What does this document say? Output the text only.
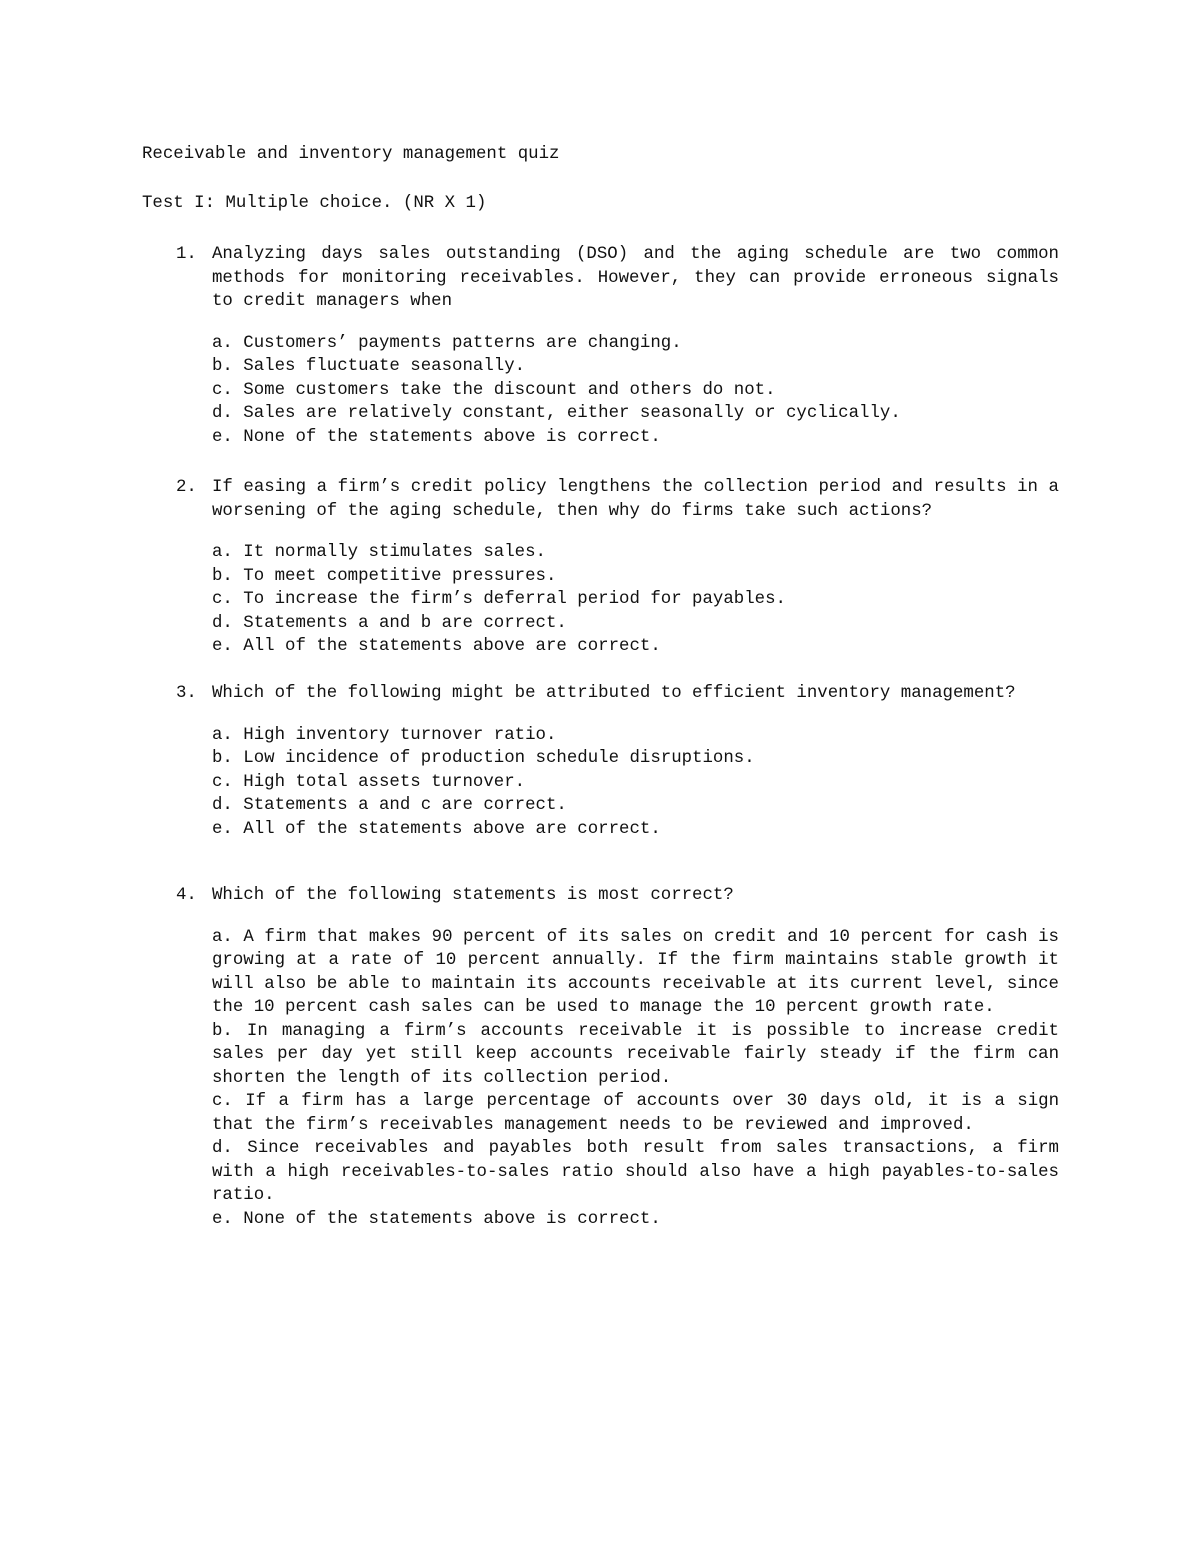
Receivable and inventory management quiz
Test I: Multiple choice. (NR X 1)
1. Analyzing days sales outstanding (DSO) and the aging schedule are two common methods for monitoring receivables. However, they can provide erroneous signals to credit managers when
a. Customers’ payments patterns are changing.
b. Sales fluctuate seasonally.
c. Some customers take the discount and others do not.
d. Sales are relatively constant, either seasonally or cyclically.
e. None of the statements above is correct.
2. If easing a firm’s credit policy lengthens the collection period and results in a worsening of the aging schedule, then why do firms take such actions?
a. It normally stimulates sales.
b. To meet competitive pressures.
c. To increase the firm’s deferral period for payables.
d. Statements a and b are correct.
e. All of the statements above are correct.
3. Which of the following might be attributed to efficient inventory management?
a. High inventory turnover ratio.
b. Low incidence of production schedule disruptions.
c. High total assets turnover.
d. Statements a and c are correct.
e. All of the statements above are correct.
4. Which of the following statements is most correct?
a. A firm that makes 90 percent of its sales on credit and 10 percent for cash is growing at a rate of 10 percent annually. If the firm maintains stable growth it will also be able to maintain its accounts receivable at its current level, since the 10 percent cash sales can be used to manage the 10 percent growth rate.
b. In managing a firm’s accounts receivable it is possible to increase credit sales per day yet still keep accounts receivable fairly steady if the firm can shorten the length of its collection period.
c. If a firm has a large percentage of accounts over 30 days old, it is a sign that the firm’s receivables management needs to be reviewed and improved.
d. Since receivables and payables both result from sales transactions, a firm with a high receivables-to-sales ratio should also have a high payables-to-sales ratio.
e. None of the statements above is correct.
